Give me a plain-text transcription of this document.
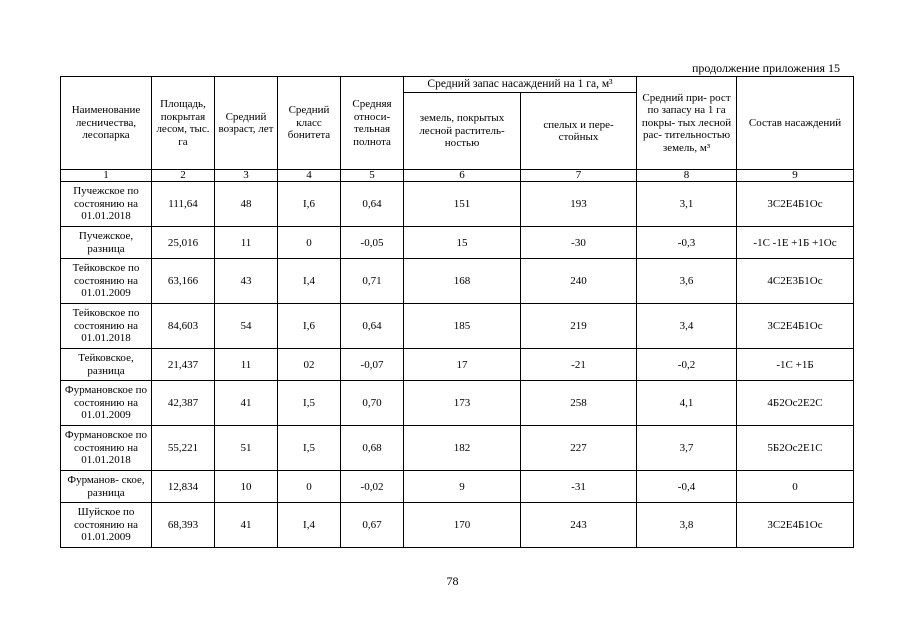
продолжение приложения 15
Наименование лесничества, лесопарка	Площадь, покрытая лесом, тыс. га	Средний возраст, лет	Средний класс бонитета	Средняя относи- тельная полнота	Средний запас насаждений на 1 га, м³		Средний при- рост по запасу на 1 га покры- тых лесной рас- тительностью земель, м³	Состав насаждений
					земель, покрытых лесной раститель- ностью	спелых и пере- стойных		
1	2	3	4	5	6	7	8	9
Пучежское по состоянию на 01.01.2018	111,64	48	I,6	0,64	151	193	3,1	3С2Е4Б1Ос
Пучежское, разница	25,016	11	0	-0,05	15	-30	-0,3	-1С -1Е +1Б +1Ос
Тейковское по состоянию на 01.01.2009	63,166	43	I,4	0,71	168	240	3,6	4С2Е3Б1Ос
Тейковское по состоянию на 01.01.2018	84,603	54	I,6	0,64	185	219	3,4	3С2Е4Б1Ос
Тейковское, разница	21,437	11	02	-0,07	17	-21	-0,2	-1С +1Б
Фурмановское по состоянию на 01.01.2009	42,387	41	I,5	0,70	173	258	4,1	4Б2Ос2Е2С
Фурмановское по состоянию на 01.01.2018	55,221	51	I,5	0,68	182	227	3,7	5Б2Ос2Е1С
Фурманов- ское, разница	12,834	10	0	-0,02	9	-31	-0,4	0
Шуйское по состоянию на 01.01.2009	68,393	41	I,4	0,67	170	243	3,8	3С2Е4Б1Ос
78
